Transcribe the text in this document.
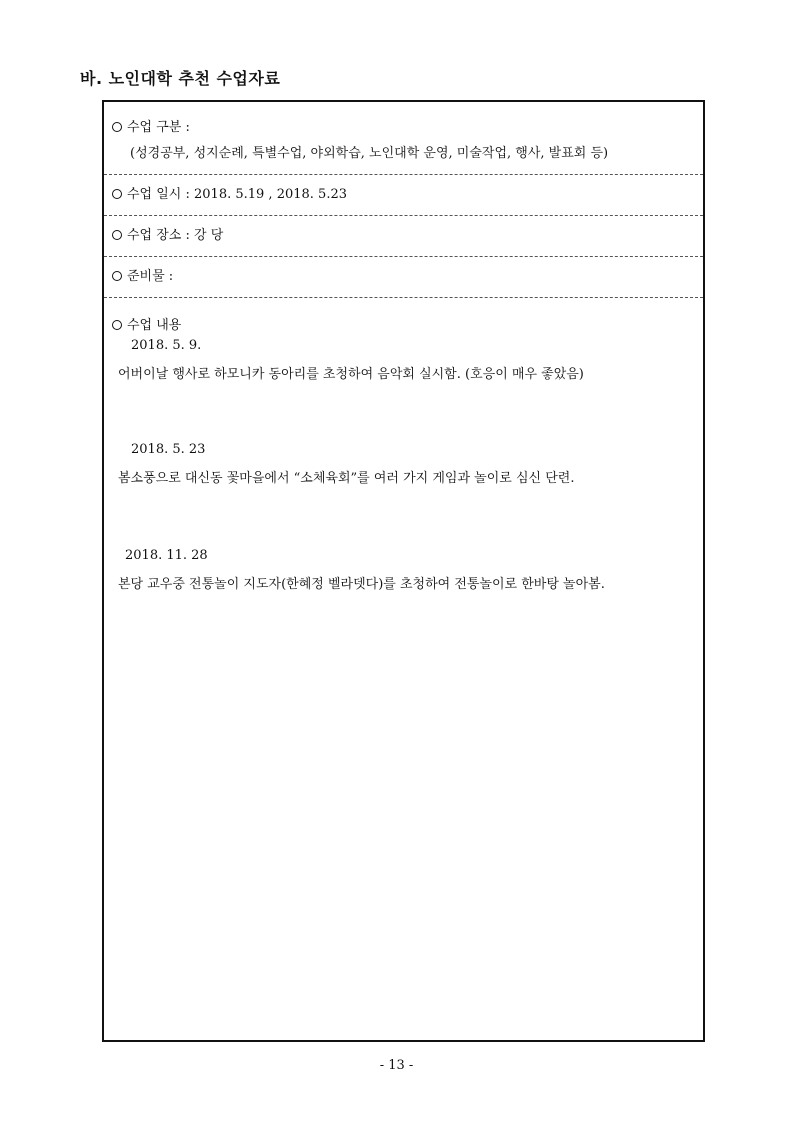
바. 노인대학 추천 수업자료
수업 구분 :
(성경공부, 성지순례, 특별수업, 야외학습, 노인대학 운영, 미술작업, 행사, 발표회 등)
수업 일시 : 2018. 5.19 , 2018. 5.23
수업 장소 : 강 당
준비물 :
수업 내용
2018. 5. 9.
어버이날 행사로 하모니카 동아리를 초청하여 음악회 실시함. (호응이 매우 좋았음)
2018. 5. 23
봄소풍으로 대신동 꽃마을에서 “소체육회”를 여러 가지 게임과 놀이로 심신 단련.
2018. 11. 28
본당 교우중 전통놀이 지도자(한혜정 벨라뎃다)를 초청하여 전통놀이로 한바탕 놀아봄.
- 13 -
